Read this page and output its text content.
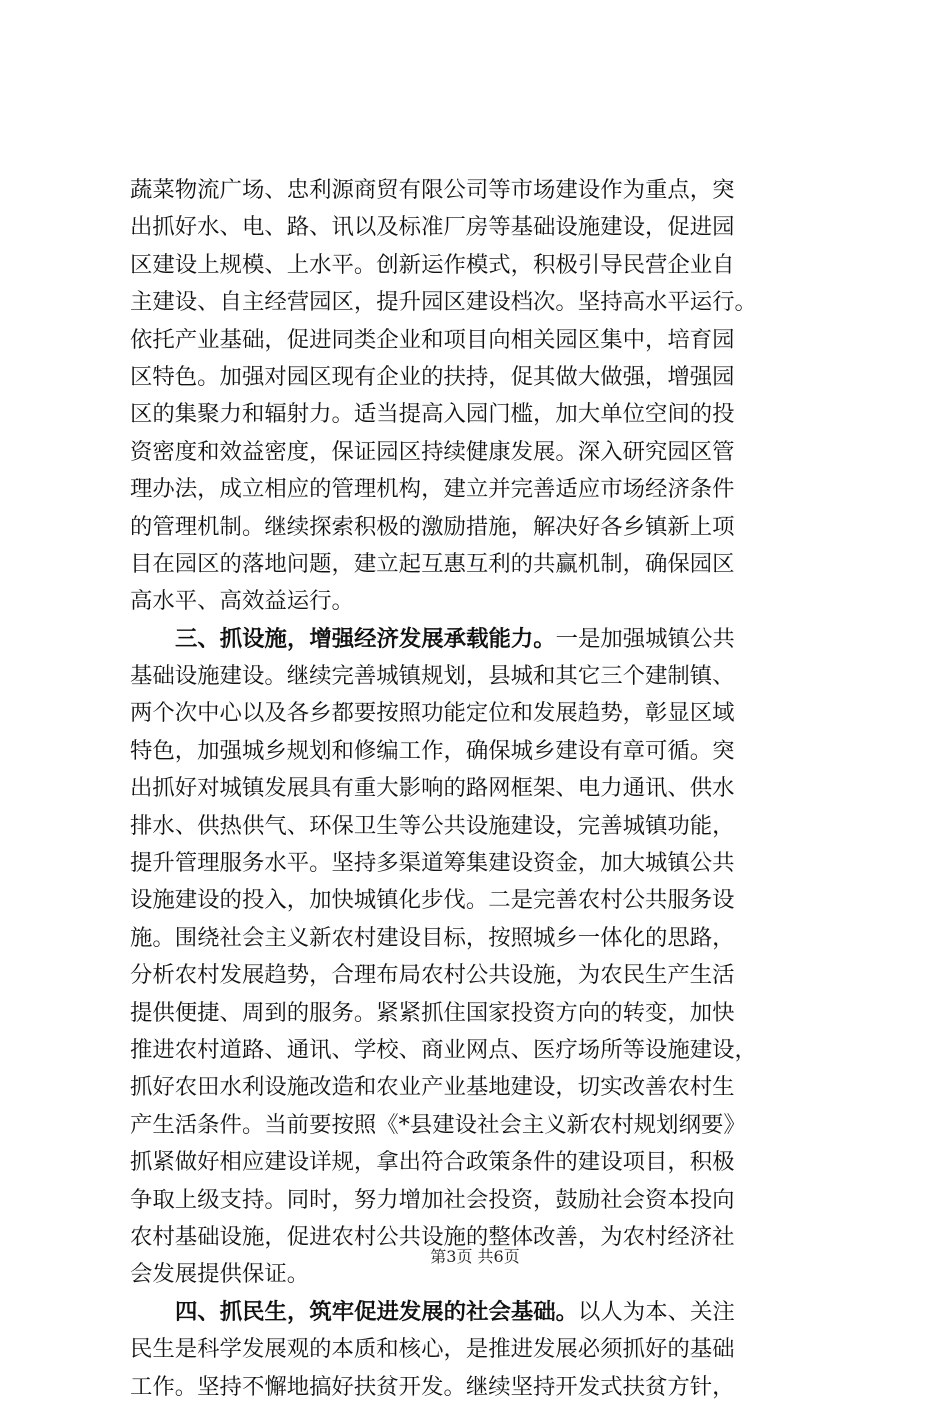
蔬菜物流广场、忠利源商贸有限公司等市场建设作为重点，突
出抓好水、电、路、讯以及标准厂房等基础设施建设，促进园
区建设上规模、上水平。创新运作模式，积极引导民营企业自
主建设、自主经营园区，提升园区建设档次。坚持高水平运行。
依托产业基础，促进同类企业和项目向相关园区集中，培育园
区特色。加强对园区现有企业的扶持，促其做大做强，增强园
区的集聚力和辐射力。适当提高入园门槛，加大单位空间的投
资密度和效益密度，保证园区持续健康发展。深入研究园区管
理办法，成立相应的管理机构，建立并完善适应市场经济条件
的管理机制。继续探索积极的激励措施，解决好各乡镇新上项
目在园区的落地问题，建立起互惠互利的共赢机制，确保园区
高水平、高效益运行。
三、抓设施，增强经济发展承载能力。一是加强城镇公共
基础设施建设。继续完善城镇规划，县城和其它三个建制镇、
两个次中心以及各乡都要按照功能定位和发展趋势，彰显区域
特色，加强城乡规划和修编工作，确保城乡建设有章可循。突
出抓好对城镇发展具有重大影响的路网框架、电力通讯、供水
排水、供热供气、环保卫生等公共设施建设，完善城镇功能，
提升管理服务水平。坚持多渠道筹集建设资金，加大城镇公共
设施建设的投入，加快城镇化步伐。二是完善农村公共服务设
施。围绕社会主义新农村建设目标，按照城乡一体化的思路，
分析农村发展趋势，合理布局农村公共设施，为农民生产生活
提供便捷、周到的服务。紧紧抓住国家投资方向的转变，加快
推进农村道路、通讯、学校、商业网点、医疗场所等设施建设，
抓好农田水利设施改造和农业产业基地建设，切实改善农村生
产生活条件。当前要按照《*县建设社会主义新农村规划纲要》
抓紧做好相应建设详规，拿出符合政策条件的建设项目，积极
争取上级支持。同时，努力增加社会投资，鼓励社会资本投向
农村基础设施，促进农村公共设施的整体改善，为农村经济社
会发展提供保证。
四、抓民生，筑牢促进发展的社会基础。以人为本、关注
民生是科学发展观的本质和核心，是推进发展必须抓好的基础
工作。坚持不懈地搞好扶贫开发。继续坚持开发式扶贫方针，
第3页 共6页
